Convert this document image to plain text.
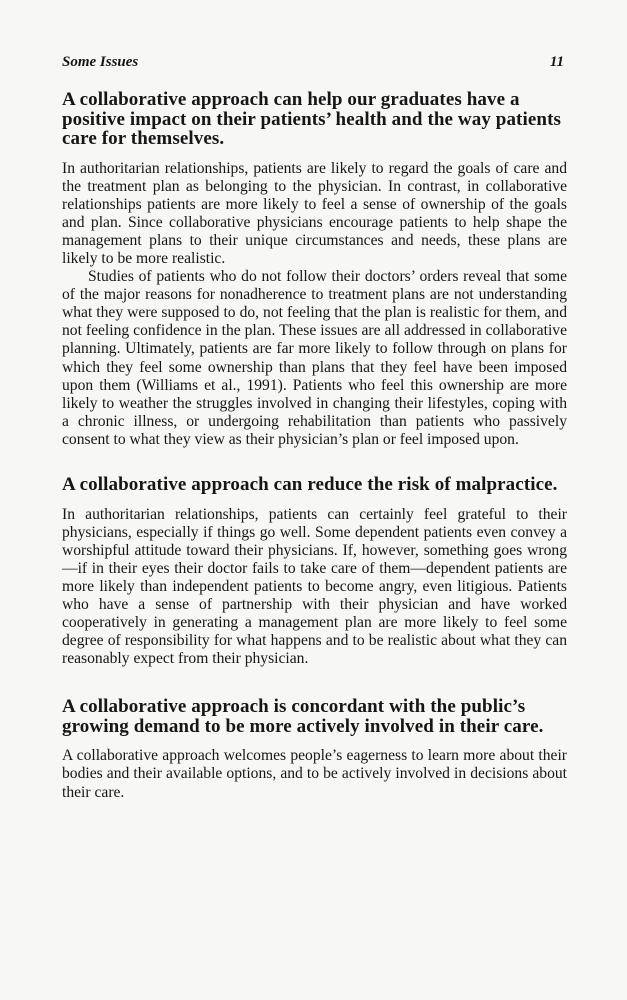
Some Issues	11
A collaborative approach can help our graduates have a positive impact on their patients’ health and the way patients care for themselves.

In authoritarian relationships, patients are likely to regard the goals of care and the treatment plan as belonging to the physician. In contrast, in collaborative relationships patients are more likely to feel a sense of ownership of the goals and plan. Since collaborative physicians encourage patients to help shape the management plans to their unique circumstances and needs, these plans are likely to be more realistic.

Studies of patients who do not follow their doctors’ orders reveal that some of the major reasons for nonadherence to treatment plans are not understanding what they were supposed to do, not feeling that the plan is realistic for them, and not feeling confidence in the plan. These issues are all addressed in collaborative planning. Ultimately, patients are far more likely to follow through on plans for which they feel some ownership than plans that they feel have been imposed upon them (Williams et al., 1991). Patients who feel this ownership are more likely to weather the struggles involved in changing their lifestyles, coping with a chronic illness, or undergoing rehabilitation than patients who passively consent to what they view as their physician’s plan or feel imposed upon.

A collaborative approach can reduce the risk of malpractice.

In authoritarian relationships, patients can certainly feel grateful to their physicians, especially if things go well. Some dependent patients even convey a worshipful attitude toward their physicians. If, however, something goes wrong—if in their eyes their doctor fails to take care of them—dependent patients are more likely than independent patients to become angry, even litigious. Patients who have a sense of partnership with their physician and have worked cooperatively in generating a management plan are more likely to feel some degree of responsibility for what happens and to be realistic about what they can reasonably expect from their physician.

A collaborative approach is concordant with the public’s growing demand to be more actively involved in their care.

A collaborative approach welcomes people’s eagerness to learn more about their bodies and their available options, and to be actively involved in decisions about their care.
